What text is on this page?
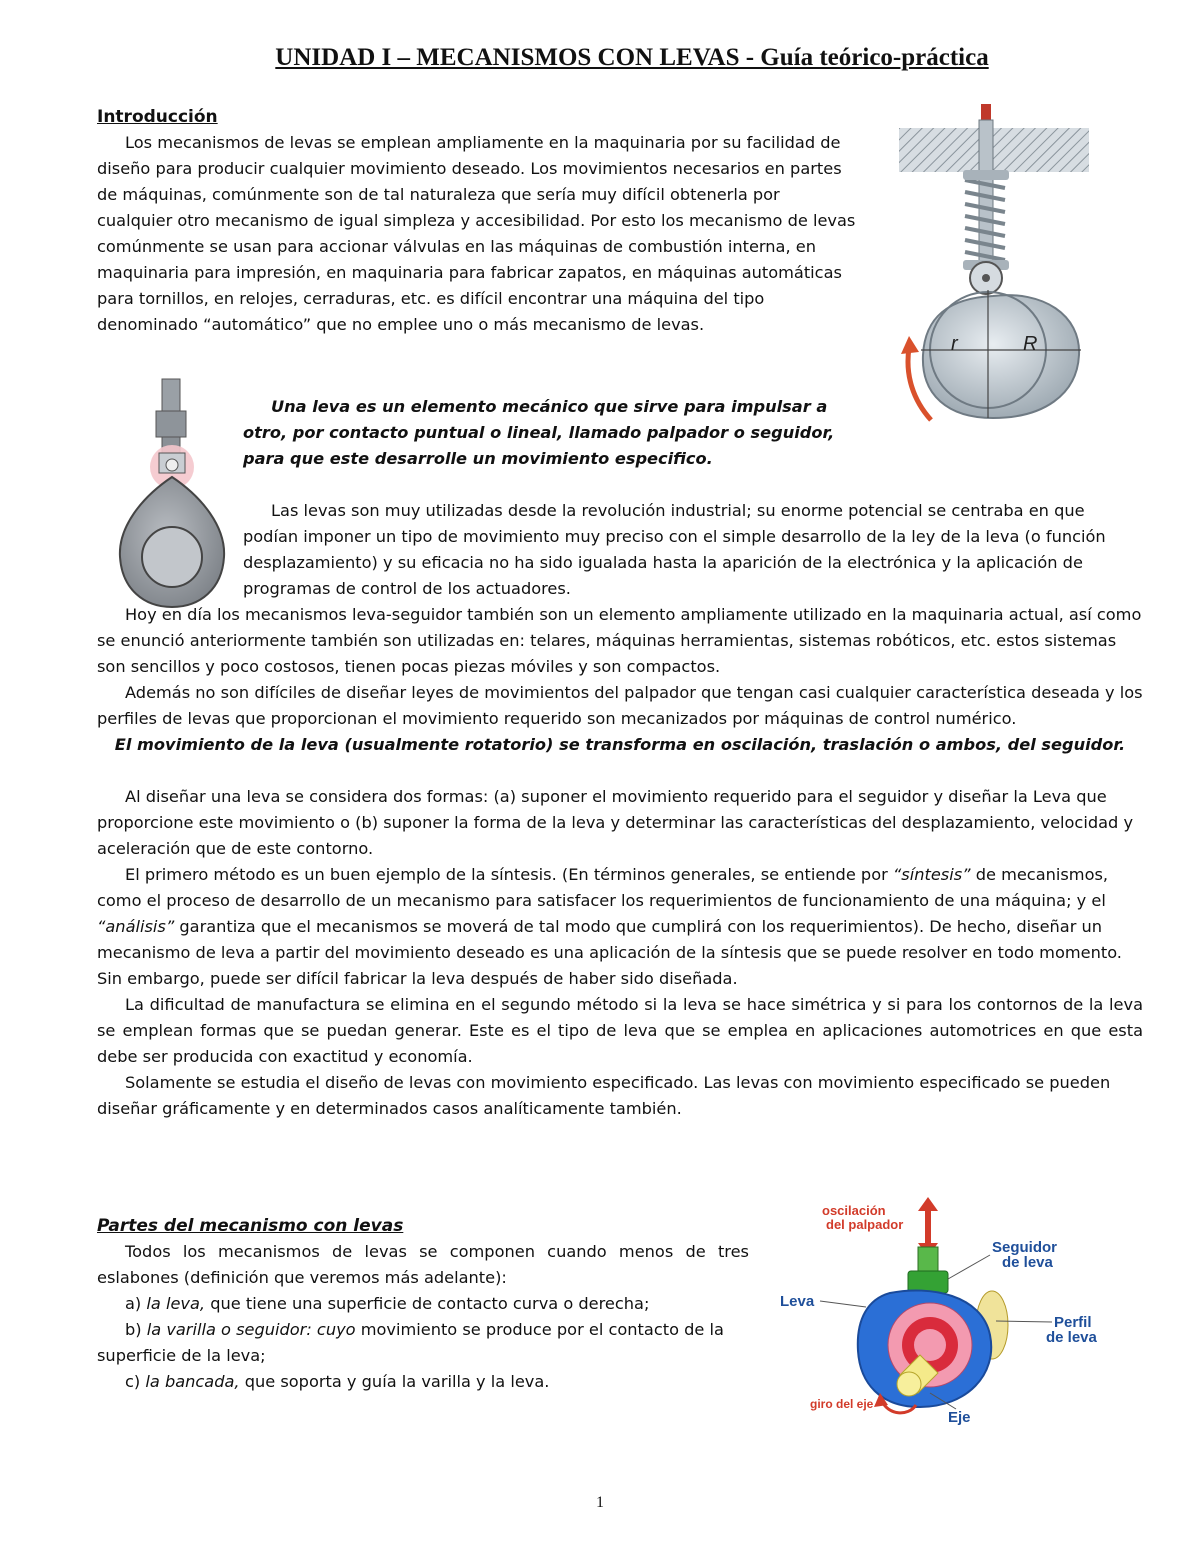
UNIDAD I – MECANISMOS CON LEVAS - Guía teórico-práctica

Introducción

Los mecanismos de levas se emplean ampliamente en la maquinaria por su facilidad de diseño para producir cualquier movimiento deseado. Los movimientos necesarios en partes de máquinas, comúnmente son de tal naturaleza que sería muy difícil obtenerla por cualquier otro mecanismo de igual simpleza y accesibilidad. Por esto los mecanismo de levas comúnmente se usan para accionar válvulas en las máquinas de combustión interna, en maquinaria para impresión, en maquinaria para fabricar zapatos, en máquinas automáticas para tornillos, en relojes, cerraduras, etc. es difícil encontrar una máquina del tipo denominado “automático” que no emplee uno o más mecanismo de levas.

r	R
Una leva es un elemento mecánico que sirve para impulsar a otro, por contacto puntual o lineal, llamado palpador o seguidor, para que este desarrolle un movimiento especifico.
Las levas son muy utilizadas desde la revolución industrial; su enorme potencial se centraba en que podían imponer un tipo de movimiento muy preciso con el simple desarrollo de la ley de la leva (o función desplazamiento) y su eficacia no ha sido igualada hasta la aparición de la electrónica y la aplicación de programas de control de los actuadores.

Hoy en día los mecanismos leva-seguidor también son un elemento ampliamente utilizado en la maquinaria actual, así como se enunció anteriormente también son utilizadas en: telares, máquinas herramientas, sistemas robóticos, etc. estos sistemas son sencillos y poco costosos, tienen pocas piezas móviles y son compactos.

Además no son difíciles de diseñar leyes de movimientos del palpador que tengan casi cualquier característica deseada y los perfiles de levas que proporcionan el movimiento requerido son mecanizados por máquinas de control numérico.

El movimiento de la leva (usualmente rotatorio) se transforma en oscilación, traslación o ambos, del seguidor.

Al diseñar una leva se considera dos formas: (a) suponer el movimiento requerido para el seguidor y diseñar la Leva que proporcione este movimiento o (b) suponer la forma de la leva y determinar las características del desplazamiento, velocidad y aceleración que de este contorno.

El primero método es un buen ejemplo de la síntesis. (En términos generales, se entiende por “síntesis” de mecanismos, como el proceso de desarrollo de un mecanismo para satisfacer los requerimientos de funcionamiento de una máquina; y el “análisis” garantiza que el mecanismos se moverá de tal modo que cumplirá con los requerimientos). De hecho, diseñar un mecanismo de leva a partir del movimiento deseado es una aplicación de la síntesis que se puede resolver en todo momento. Sin embargo, puede ser difícil fabricar la leva después de haber sido diseñada.

La dificultad de manufactura se elimina en el segundo método si la leva se hace simétrica y si para los contornos de la leva se emplean formas que se puedan generar. Este es el tipo de leva que se emplea en aplicaciones automotrices en que esta debe ser producida con exactitud y economía.

Solamente se estudia el diseño de levas con movimiento especificado. Las levas con movimiento especificado se pueden diseñar gráficamente y en determinados casos analíticamente también.

Partes del mecanismo con levas

Todos los mecanismos de levas se componen cuando menos de tres eslabones (definición que veremos más adelante):

a) la leva, que tiene una superficie de contacto curva o derecha;

b) la varilla o seguidor: cuyo movimiento se produce por el contacto de la superficie de la leva;

c) la bancada, que soporta y guía la varilla y la leva.

oscilación
del palpador
Seguidor
de leva
Leva
Perfil
de leva
giro del eje
Eje
1
